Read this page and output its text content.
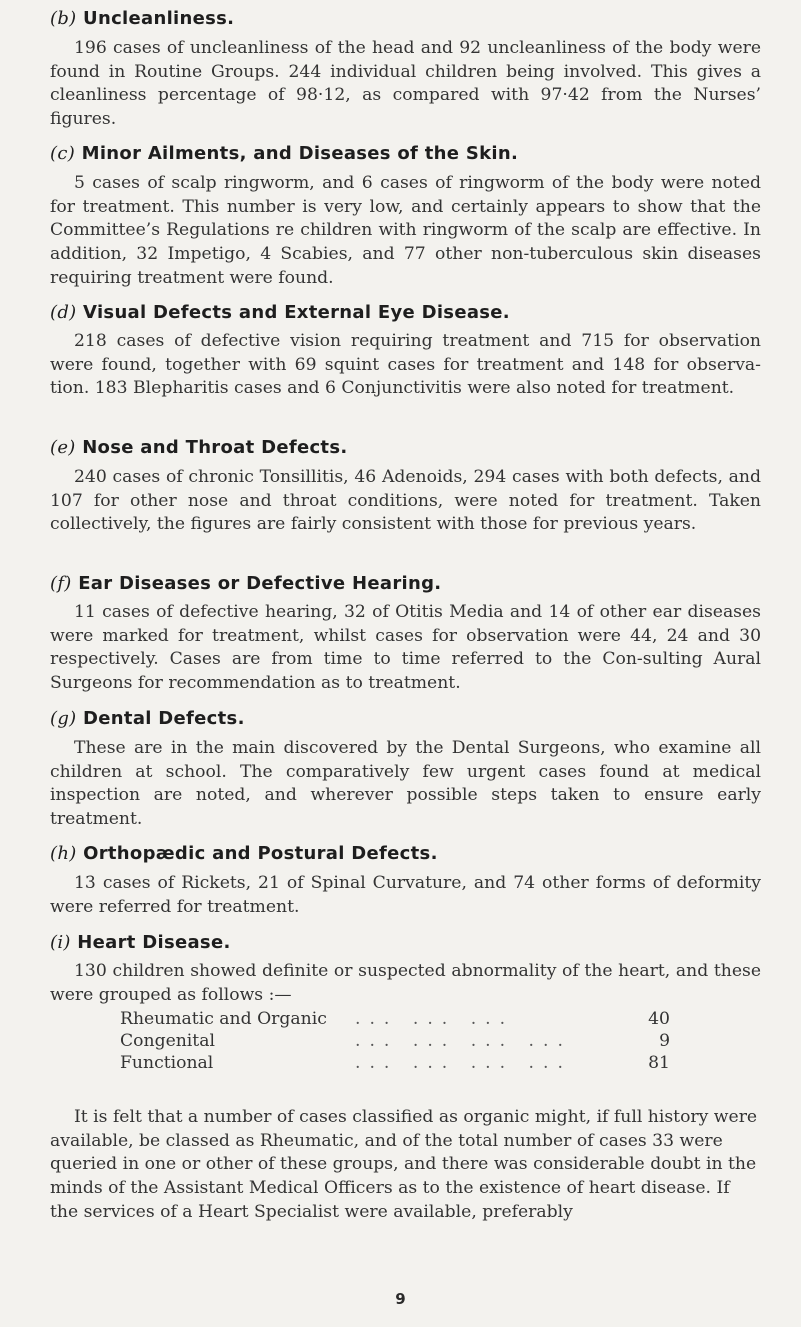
(b) Uncleanliness.
196 cases of uncleanliness of the head and 92 uncleanliness of the body were found in Routine Groups. 244 individual children being involved. This gives a cleanliness percentage of 98·12, as compared with 97·42 from the Nurses’ figures.
(c) Minor Ailments, and Diseases of the Skin.
5 cases of scalp ringworm, and 6 cases of ringworm of the body were noted for treatment. This number is very low, and certainly appears to show that the Committee’s Regulations re children with ringworm of the scalp are effective. In addition, 32 Impetigo, 4 Scabies, and 77 other non-tuberculous skin diseases requiring treatment were found.
(d) Visual Defects and External Eye Disease.
218 cases of defective vision requiring treatment and 715 for observation were found, together with 69 squint cases for treatment and 148 for observa-tion. 183 Blepharitis cases and 6 Conjunctivitis were also noted for treatment.
(e) Nose and Throat Defects.
240 cases of chronic Tonsillitis, 46 Adenoids, 294 cases with both defects, and 107 for other nose and throat conditions, were noted for treatment. Taken collectively, the figures are fairly consistent with those for previous years.
(f) Ear Diseases or Defective Hearing.
11 cases of defective hearing, 32 of Otitis Media and 14 of other ear diseases were marked for treatment, whilst cases for observation were 44, 24 and 30 respectively. Cases are from time to time referred to the Con-sulting Aural Surgeons for recommendation as to treatment.
(g) Dental Defects.
These are in the main discovered by the Dental Surgeons, who examine all children at school. The comparatively few urgent cases found at medical inspection are noted, and wherever possible steps taken to ensure early treatment.
(h) Orthopædic and Postural Defects.
13 cases of Rickets, 21 of Spinal Curvature, and 74 other forms of deformity were referred for treatment.
(i) Heart Disease.
130 children showed definite or suspected abnormality of the heart, and these were grouped as follows :—
Rheumatic and Organic ... ... ...	40
Congenital	... ... ... ...	9
Functional	... ... ... ...	81
It is felt that a number of cases classified as organic might, if full history were available, be classed as Rheumatic, and of the total number of cases 33 were queried in one or other of these groups, and there was considerable doubt in the minds of the Assistant Medical Officers as to the existence of heart disease. If the services of a Heart Specialist were available, preferably
9
